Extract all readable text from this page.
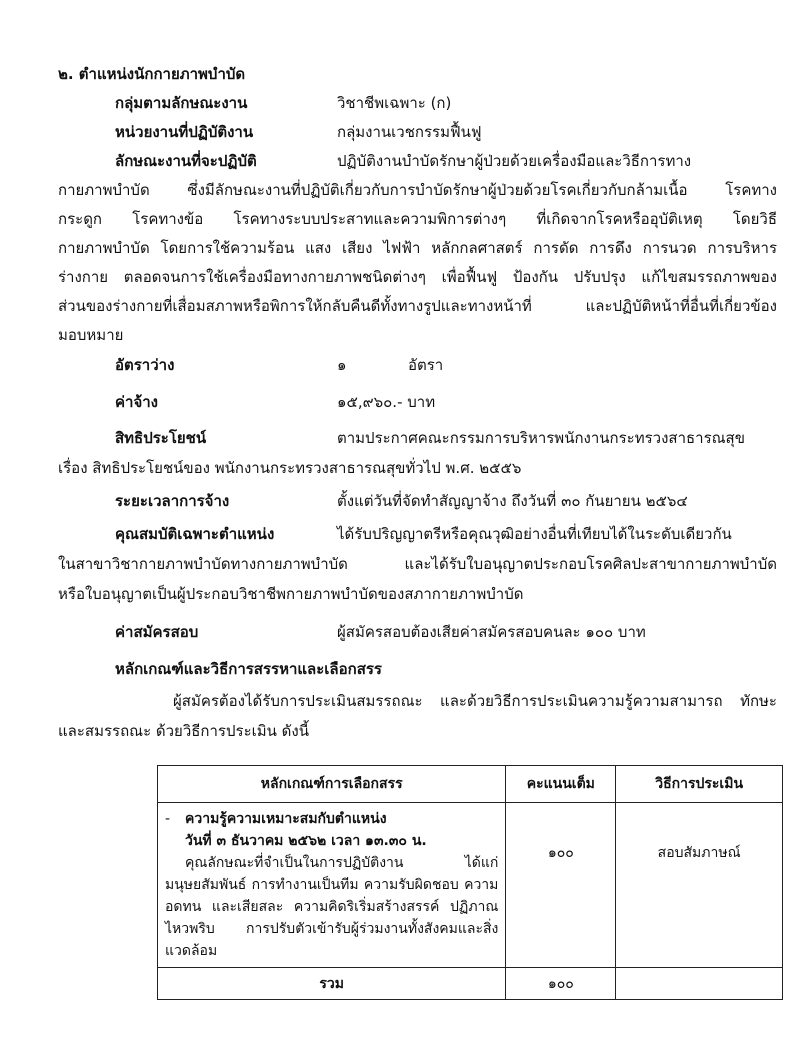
๒. ตำแหน่งนักกายภาพบำบัด
กลุ่มตามลักษณะงาน	วิชาชีพเฉพาะ (ก)
หน่วยงานที่ปฏิบัติงาน	กลุ่มงานเวชกรรมฟื้นฟู
ลักษณะงานที่จะปฏิบัติ	ปฏิบัติงานบำบัดรักษาผู้ป่วยด้วยเครื่องมือและวิธีการทาง
กายภาพบำบัด ซึ่งมีลักษณะงานที่ปฏิบัติเกี่ยวกับการบำบัดรักษาผู้ป่วยด้วยโรคเกี่ยวกับกล้ามเนื้อ โรคทาง
กระดูก โรคทางข้อ โรคทางระบบประสาทและความพิการต่างๆ ที่เกิดจากโรคหรืออุบัติเหตุ โดยวิธี
กายภาพบำบัด โดยการใช้ความร้อน แสง เสียง ไฟฟ้า หลักกลศาสตร์ การดัด การดึง การนวด การบริหาร
ร่างกาย ตลอดจนการใช้เครื่องมือทางกายภาพชนิดต่างๆ เพื่อฟื้นฟู ป้องกัน ปรับปรุง แก้ไขสมรรถภาพของ
ส่วนของร่างกายที่เสื่อมสภาพหรือพิการให้กลับคืนดีทั้งทางรูปและทางหน้าที่ และปฏิบัติหน้าที่อื่นที่เกี่ยวข้อง
มอบหมาย
อัตราว่าง	๑	อัตรา
ค่าจ้าง	๑๕,๙๖๐.- บาท
สิทธิประโยชน์	ตามประกาศคณะกรรมการบริหารพนักงานกระทรวงสาธารณสุข
เรื่อง สิทธิประโยชน์ของ พนักงานกระทรวงสาธารณสุขทั่วไป พ.ศ. ๒๕๕๖
ระยะเวลาการจ้าง	ตั้งแต่วันที่จัดทำสัญญาจ้าง ถึงวันที่ ๓๐ กันยายน ๒๕๖๔
คุณสมบัติเฉพาะตำแหน่ง	ได้รับปริญญาตรีหรือคุณวุฒิอย่างอื่นที่เทียบได้ในระดับเดียวกัน
ในสาขาวิชากายภาพบำบัดทางกายภาพบำบัด และได้รับใบอนุญาตประกอบโรคศิลปะสาขากายภาพบำบัด
หรือใบอนุญาตเป็นผู้ประกอบวิชาชีพกายภาพบำบัดของสภากายภาพบำบัด
ค่าสมัครสอบ	ผู้สมัครสอบต้องเสียค่าสมัครสอบคนละ ๑๐๐ บาท
หลักเกณฑ์และวิธีการสรรหาและเลือกสรร
ผู้สมัครต้องได้รับการประเมินสมรรถณะ และด้วยวิธีการประเมินความรู้ความสามารถ ทักษะ
และสมรรถณะ ด้วยวิธีการประเมิน ดังนี้
หลักเกณฑ์การเลือกสรร	คะแนนเต็ม	วิธีการประเมิน

- ความรู้ความเหมาะสมกับตำแหน่ง
วันที่ ๓ ธันวาคม ๒๕๖๒ เวลา ๑๓.๓๐ น.
คุณลักษณะที่จำเป็นในการปฏิบัติงาน ได้แก่ มนุษยสัมพันธ์ การทำงานเป็นทีม ความรับผิดชอบ ความอดทน และเสียสละ ความคิดริเริ่มสร้างสรรค์ ปฏิภาณไหวพริบ การปรับตัวเข้ารับผู้ร่วมงานทั้งสังคมและสิ่งแวดล้อม	๑๐๐	สอบสัมภาษณ์

รวม	๑๐๐	
